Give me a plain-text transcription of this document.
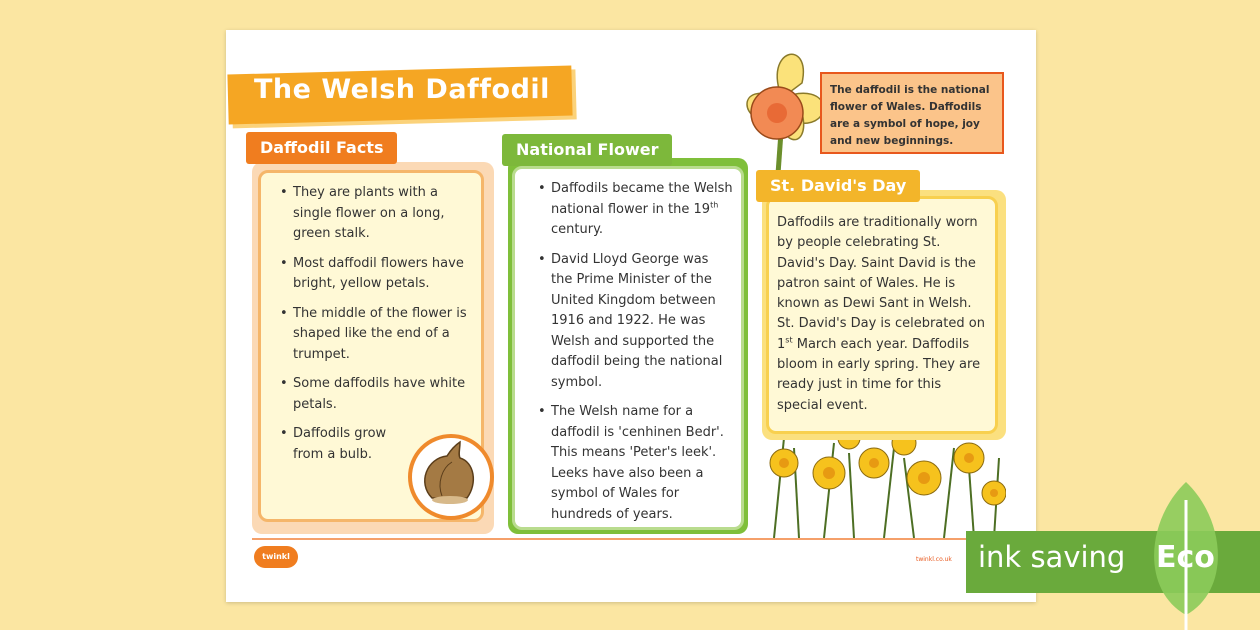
The Welsh Daffodil	The daffodil is the national flower of Wales. Daffodils are a symbol of hope, joy and new beginnings.
• They are plants with a single flower on a long, green stalk.
• Most daffodil flowers have bright, yellow petals.
• The middle of the flower is shaped like the end of a trumpet.
• Some daffodils have white petals.
• Daffodils grow from a bulb.
Daffodil Facts
• Daffodils became the Welsh national flower in the 19th century.
• David Lloyd George was the Prime Minister of the United Kingdom between 1916 and 1922. He was Welsh and supported the daffodil being the national symbol.
• The Welsh name for a daffodil is 'cenhinen Bedr'. This means 'Peter's leek'. Leeks have also been a symbol of Wales for hundreds of years.
National Flower
Daffodils are traditionally worn by people celebrating St. David's Day. Saint David is the patron saint of Wales. He is known as Dewi Sant in Welsh. St. David's Day is celebrated on 1st March each year. Daffodils bloom in early spring. They are ready just in time for this special event.
St. David's Day
twinkl	twinkl.co.uk ink saving Eco
